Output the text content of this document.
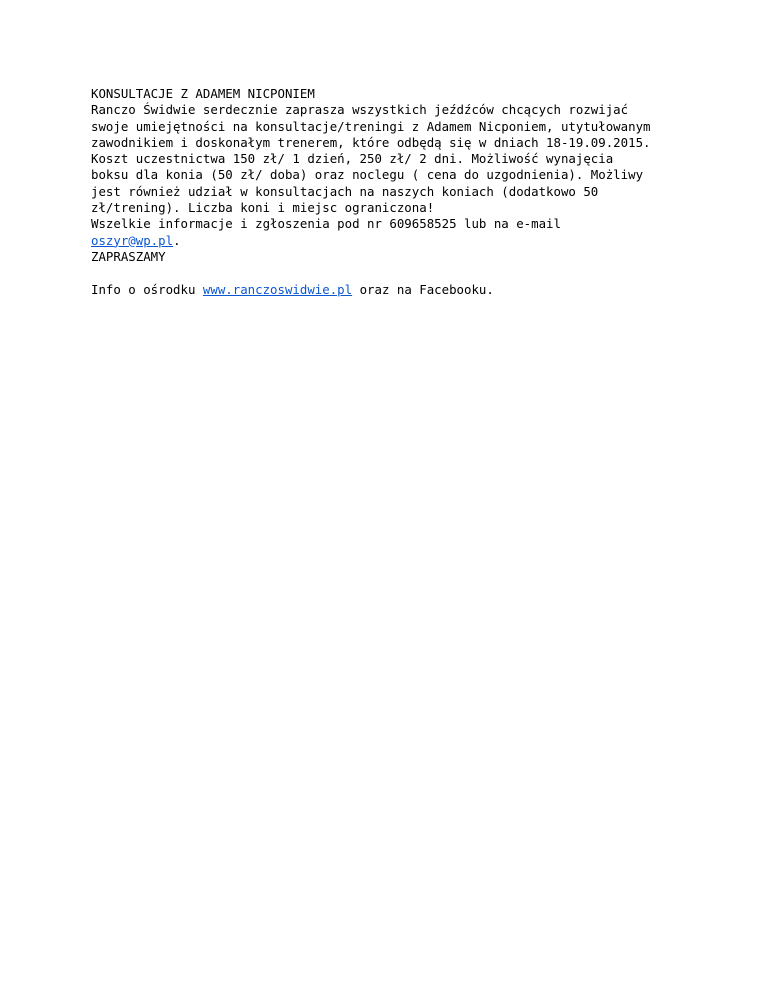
KONSULTACJE Z ADAMEM NICPONIEM
Ranczo Świdwie serdecznie zaprasza wszystkich jeźdźców chcących rozwijać
swoje umiejętności na konsultacje/treningi z Adamem Nicponiem, utytułowanym
zawodnikiem i doskonałym trenerem, które odbędą się w dniach 18-19.09.2015.
Koszt uczestnictwa 150 zł/ 1 dzień, 250 zł/ 2 dni. Możliwość wynajęcia
boksu dla konia (50 zł/ doba) oraz noclegu ( cena do uzgodnienia). Możliwy
jest również udział w konsultacjach na naszych koniach (dodatkowo 50
zł/trening). Liczba koni i miejsc ograniczona!
Wszelkie informacje i zgłoszenia pod nr 609658525 lub na e-mail
oszyr@wp.pl.
ZAPRASZAMY
Info o ośrodku www.ranczoswidwie.pl oraz na Facebooku.
